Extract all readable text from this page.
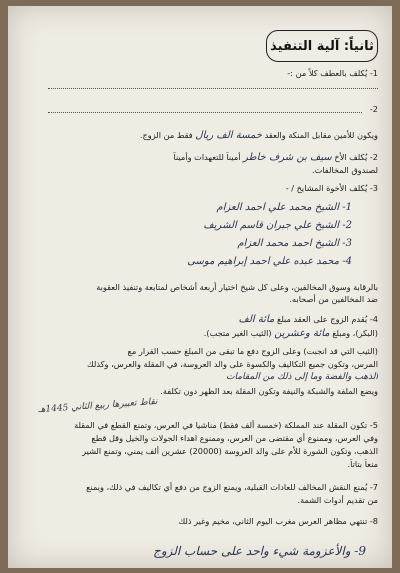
ثانياً: آلية التنفيذ
1- يُكلف بالعطف كلاً من :-
2-
ويكون للأمين مقابل المنكة والعقد خمسة آلف ريال فقط من الزوج.
2- يُكلف الأخ سيف بن شرف خاطر أميناً للتعهدات وأميناً
لصندوق المخالفات.
3- يُكلف الأخوة المشايخ / -
1- الشيخ محمد علي أحمد العزام
2- الشيخ علي جبران قاسم الشريف
3- الشيخ أحمد محمد العزام
4- محمد عبده علي أحمد إبراهيم موسى
بالرقابة وسوق المخالفين، وعلى كل شيخ اختيار أربعة أشخاص لمتابعة وتنفيذ العقوبة
ضد المخالفين من أصحابه.
4- يُقدم الزوج على العقد مبلغ مائة ألف
(البكر)، ومبلغ مائة وعشرين (الثيب الغير متجب).
(الثيب التي قد انجبت) وعلى الزوج دفع ما تبقى من المبلغ حسب القرار مع
المرس، وتكون جميع التكاليف والكسوة على والد العروسة، في المقلة والعرس، وكذلك
الذهب والفضة وما إلى ذلك من المقامات
ويضع الملفة والشبكة والنيفة وتكون المقلة بعد الظهر دون تكلفة.
نقاط تعبيرها ربيع الثاني 1445هـ
5- تكون المقلة عند المملكة (خمسة ألف فقط) مناشيا في العرس، وتمنع القطع في المقلة
وفي العرس، وممنوع أي مقتضى من العرس، وممنوع اهداء الجولات والخيل وقل قطع
الذهب، وتكون الشورة للأم على والد العروسة (20000) عشرين ألف يمني، وتمنع الشير
منعاً بتاتاً.
7- يُمنع النقش المخالف للعادات القبلية، ويمنع الزوج من دفع أي تكاليف في ذلك، ويمنع
من تقديم أدوات الشمة.
8- تنتهي مظاهر العرس مغرب اليوم الثاني، مخيم وغير ذلك
9- والأعزومة شيء واحد على حساب الزوج
